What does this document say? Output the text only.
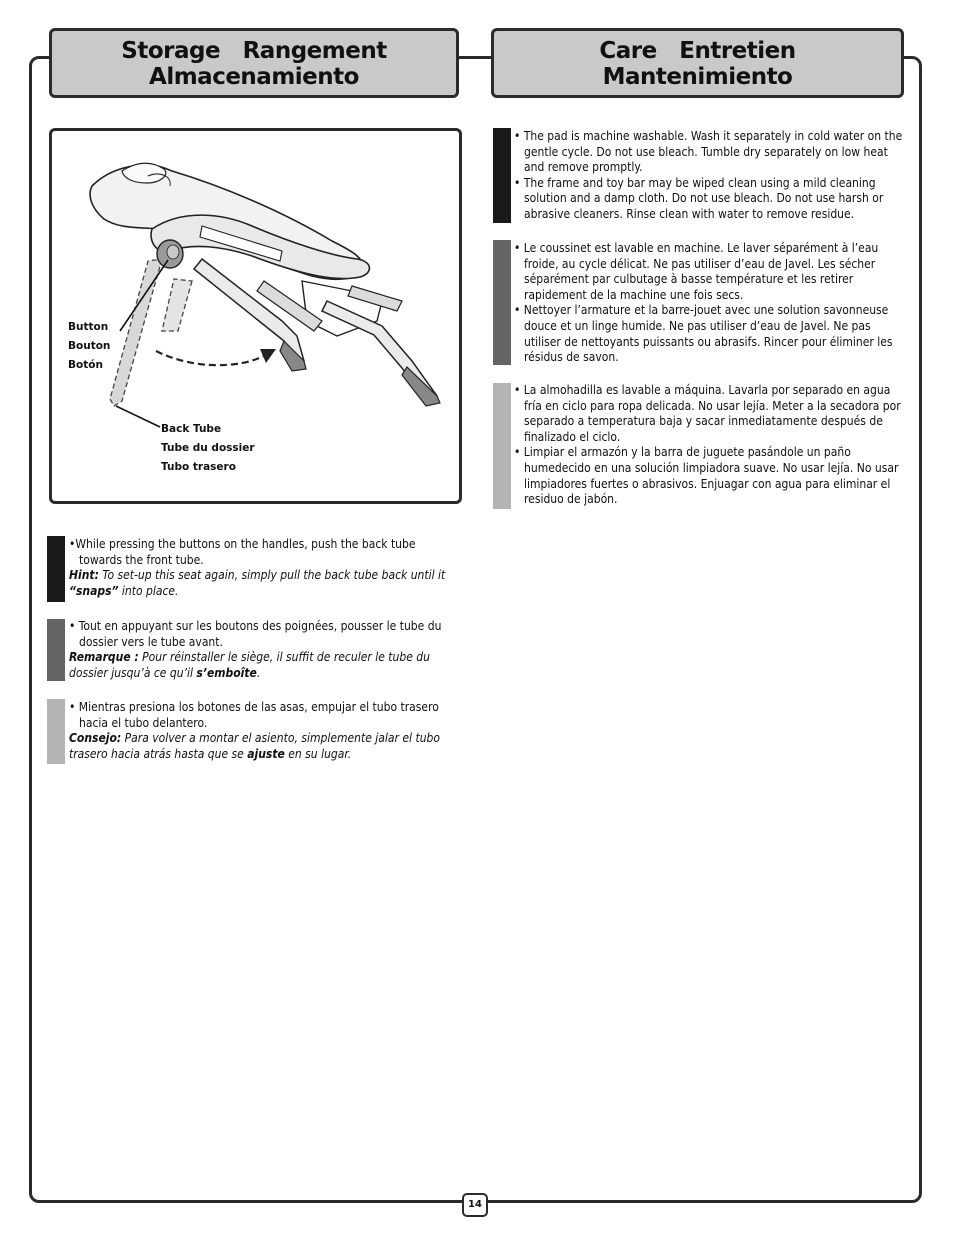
Storage   Rangement
Almacenamiento
Care   Entretien
Mantenimiento
Button
Bouton
Botón
Back Tube
Tube du dossier
Tubo trasero

•While pressing the buttons on the handles, push the back tube towards the front tube.

Hint: To set-up this seat again, simply pull the back tube back until it “snaps” into place.

• Tout en appuyant sur les boutons des poignées, pousser le tube du dossier vers le tube avant.

Remarque : Pour réinstaller le siège, il suffit de reculer le tube du dossier jusqu’à ce qu’il s’emboîte.

• Mientras presiona los botones de las asas, empujar el tubo trasero hacia el tubo delantero.

Consejo: Para volver a montar el asiento, simplemente jalar el tubo trasero hacia atrás hasta que se ajuste en su lugar.

• The pad is machine washable. Wash it separately in cold water on the gentle cycle. Do not use bleach. Tumble dry separately on low heat and remove promptly.

• The frame and toy bar may be wiped clean using a mild cleaning solution and a damp cloth. Do not use bleach. Do not use harsh or abrasive cleaners. Rinse clean with water to remove residue.

• Le coussinet est lavable en machine. Le laver séparément à l’eau froide, au cycle délicat. Ne pas utiliser d’eau de Javel. Les sécher séparément par culbutage à basse température et les retirer rapidement de la machine une fois secs.

• Nettoyer l’armature et la barre-jouet avec une solution savonneuse douce et un linge humide. Ne pas utiliser d’eau de Javel. Ne pas utiliser de nettoyants puissants ou abrasifs. Rincer pour éliminer les résidus de savon.

• La almohadilla es lavable a máquina. Lavarla por separado en agua fría en ciclo para ropa delicada. No usar lejía. Meter a la secadora por separado a temperatura baja y sacar inmediatamente después de finalizado el ciclo.

• Limpiar el armazón y la barra de juguete pasándole un paño humedecido en una solución limpiadora suave. No usar lejía. No usar limpiadores fuertes o abrasivos. Enjuagar con agua para eliminar el residuo de jabón.

14
